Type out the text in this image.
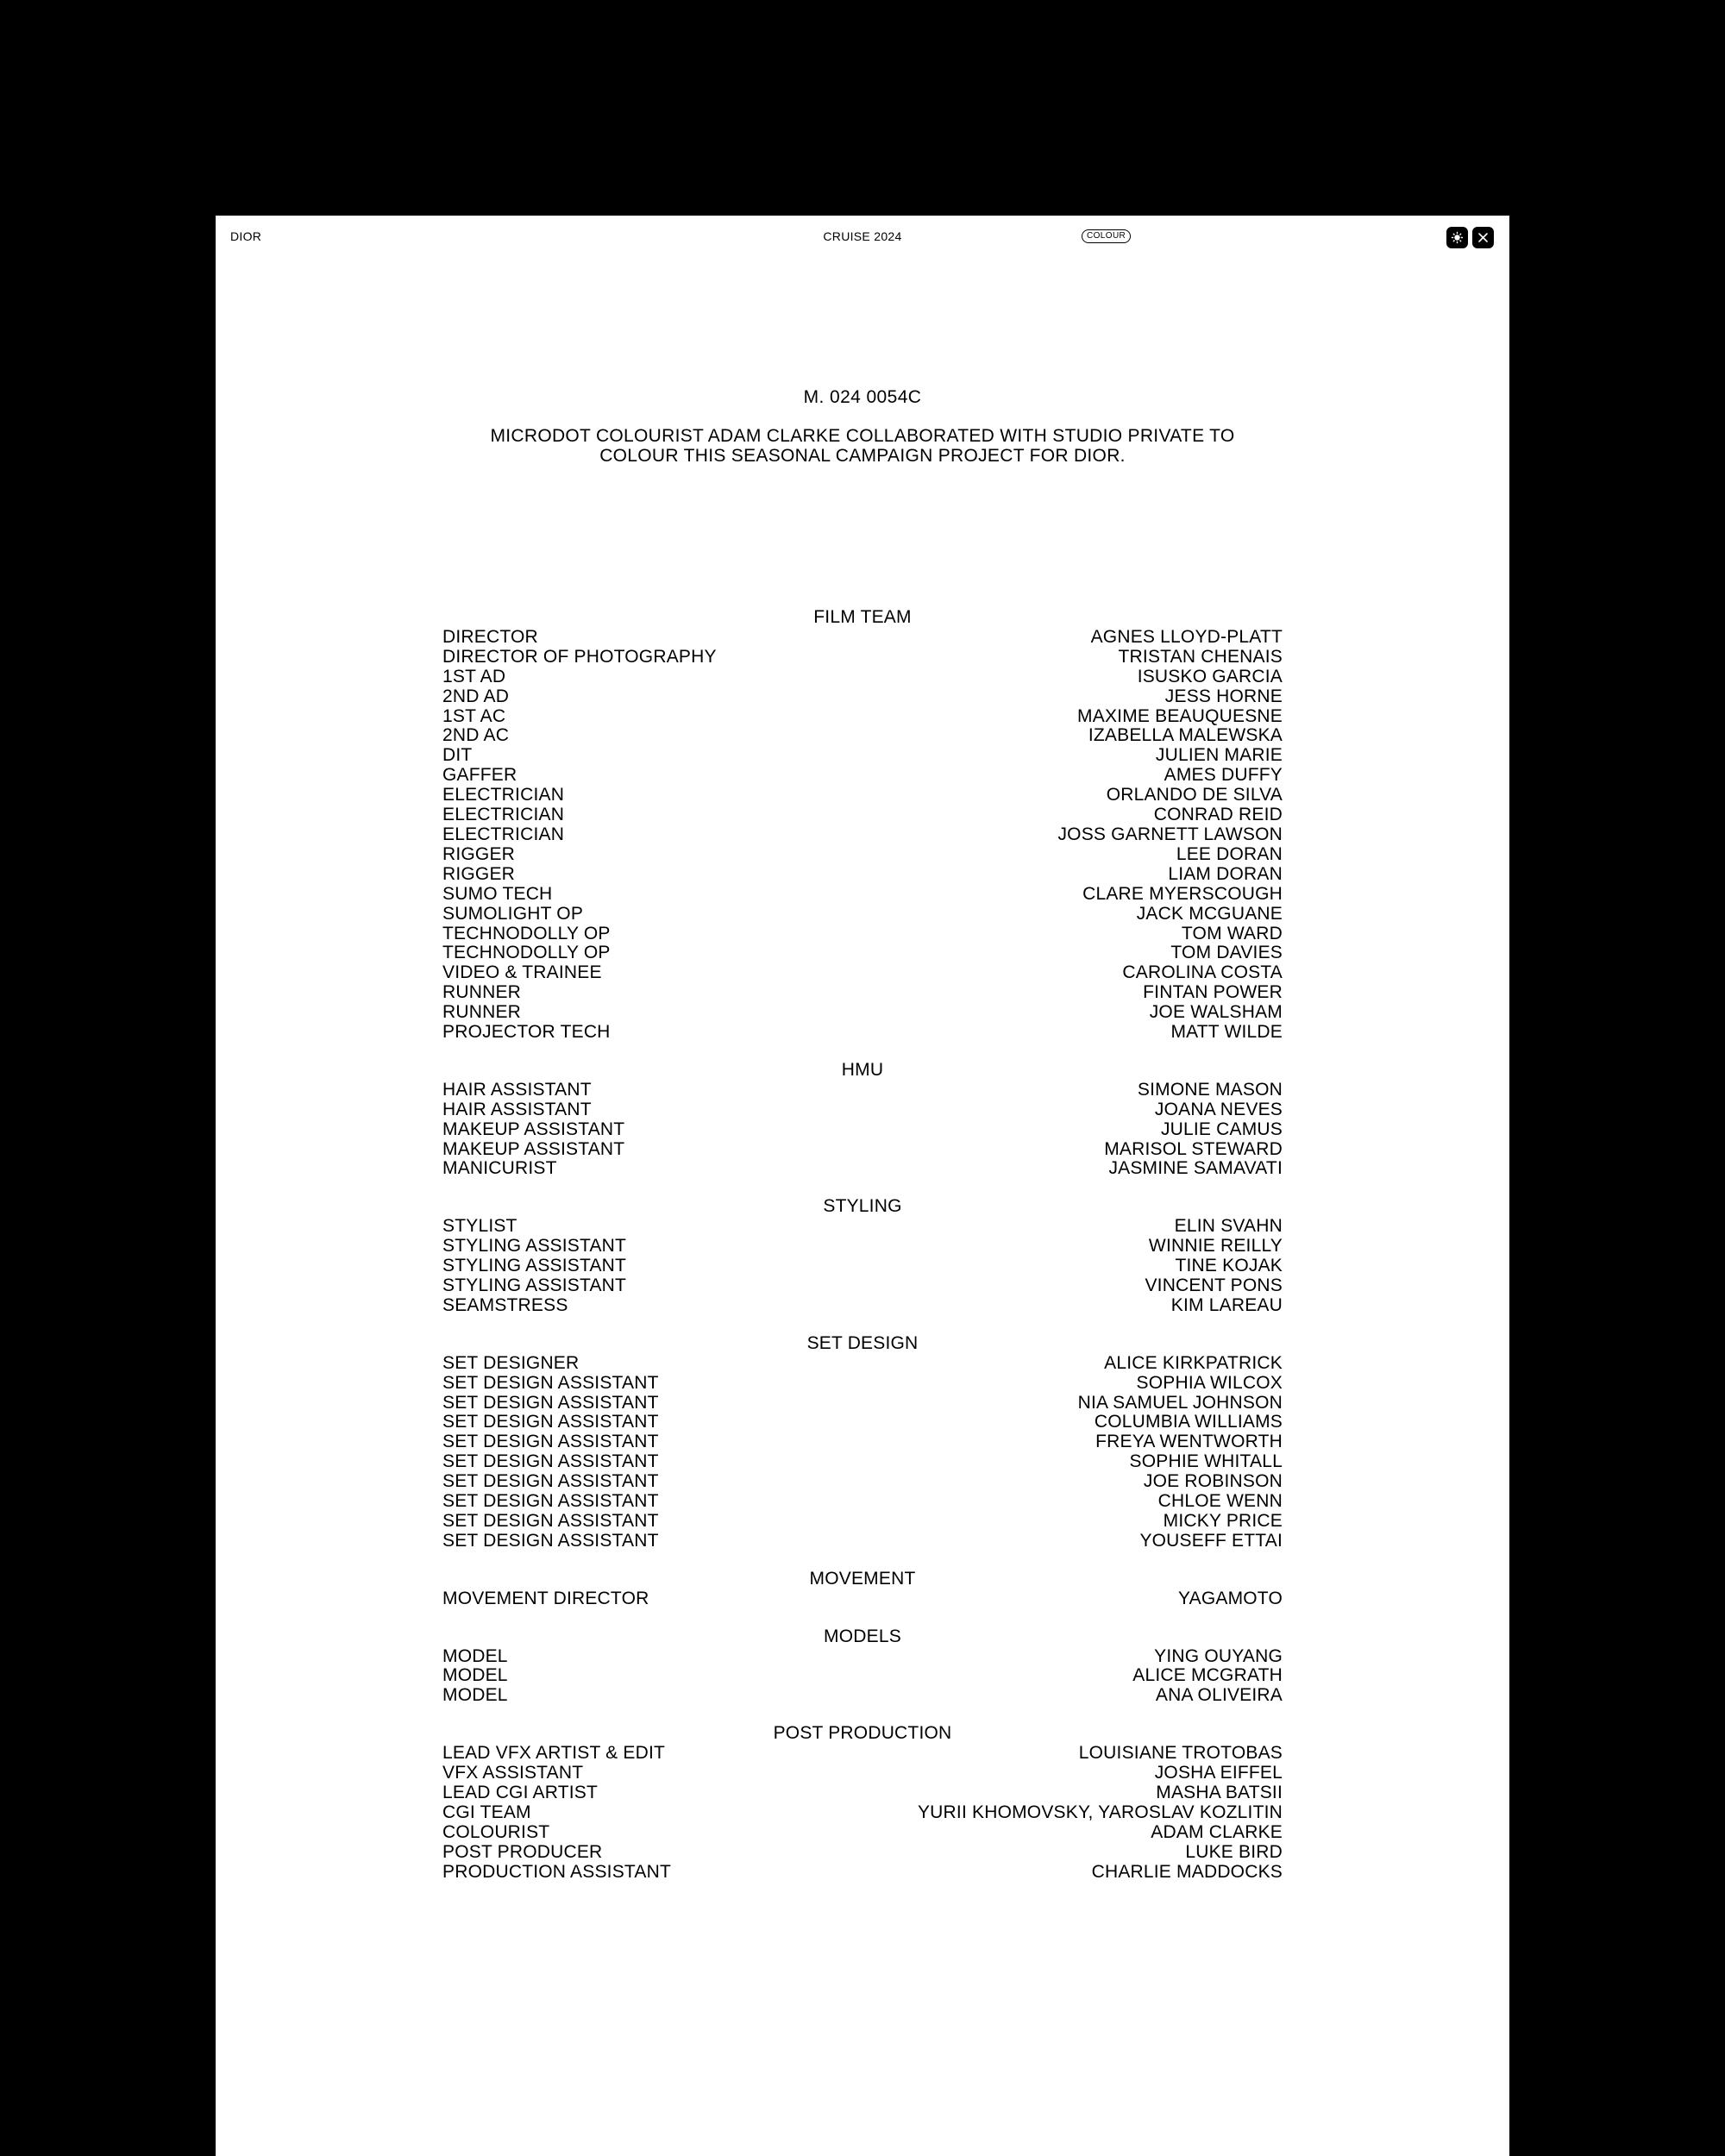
DIOR	CRUISE 2024	COLOUR
M. 024 0054C
MICRODOT COLOURIST ADAM CLARKE COLLABORATED WITH STUDIO PRIVATE TO COLOUR THIS SEASONAL CAMPAIGN PROJECT FOR DIOR.
FILM TEAM
DIRECTOR	AGNES LLOYD-PLATT
DIRECTOR OF PHOTOGRAPHY	TRISTAN CHENAIS
1ST AD	ISUSKO GARCIA
2ND AD	JESS HORNE
1ST AC	MAXIME BEAUQUESNE
2ND AC	IZABELLA MALEWSKA
DIT	JULIEN MARIE
GAFFER	AMES DUFFY
ELECTRICIAN	ORLANDO DE SILVA
ELECTRICIAN	CONRAD REID
ELECTRICIAN	JOSS GARNETT LAWSON
RIGGER	LEE DORAN
RIGGER	LIAM DORAN
SUMO TECH	CLARE MYERSCOUGH
SUMOLIGHT OP	JACK MCGUANE
TECHNODOLLY OP	TOM WARD
TECHNODOLLY OP	TOM DAVIES
VIDEO & TRAINEE	CAROLINA COSTA
RUNNER	FINTAN POWER
RUNNER	JOE WALSHAM
PROJECTOR TECH	MATT WILDE
HMU
HAIR ASSISTANT	SIMONE MASON
HAIR ASSISTANT	JOANA NEVES
MAKEUP ASSISTANT	JULIE CAMUS
MAKEUP ASSISTANT	MARISOL STEWARD
MANICURIST	JASMINE SAMAVATI
STYLING
STYLIST	ELIN SVAHN
STYLING ASSISTANT	WINNIE REILLY
STYLING ASSISTANT	TINE KOJAK
STYLING ASSISTANT	VINCENT PONS
SEAMSTRESS	KIM LAREAU
SET DESIGN
SET DESIGNER	ALICE KIRKPATRICK
SET DESIGN ASSISTANT	SOPHIA WILCOX
SET DESIGN ASSISTANT	NIA SAMUEL JOHNSON
SET DESIGN ASSISTANT	COLUMBIA WILLIAMS
SET DESIGN ASSISTANT	FREYA WENTWORTH
SET DESIGN ASSISTANT	SOPHIE WHITALL
SET DESIGN ASSISTANT	JOE ROBINSON
SET DESIGN ASSISTANT	CHLOE WENN
SET DESIGN ASSISTANT	MICKY PRICE
SET DESIGN ASSISTANT	YOUSEFF ETTAI
MOVEMENT
MOVEMENT DIRECTOR	YAGAMOTO
MODELS
MODEL	YING OUYANG
MODEL	ALICE MCGRATH
MODEL	ANA OLIVEIRA
POST PRODUCTION
LEAD VFX ARTIST & EDIT	LOUISIANE TROTOBAS
VFX ASSISTANT	JOSHA EIFFEL
LEAD CGI ARTIST	MASHA BATSII
CGI TEAM	YURII KHOMOVSKY, YAROSLAV KOZLITIN
COLOURIST	ADAM CLARKE
POST PRODUCER	LUKE BIRD
PRODUCTION ASSISTANT	CHARLIE MADDOCKS
